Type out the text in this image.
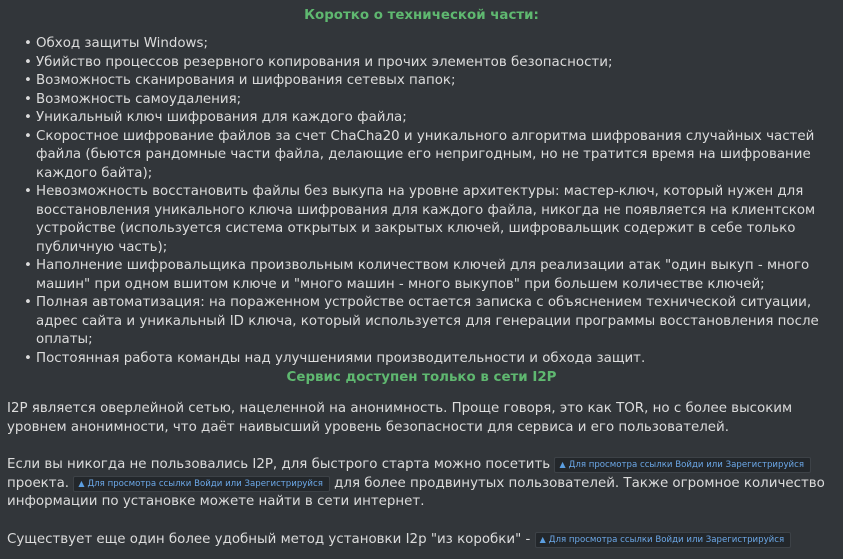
Коротко о технической части:
• Обход защиты Windows;
• Убийство процессов резервного копирования и прочих элементов безопасности;
• Возможность сканирования и шифрования сетевых папок;
• Возможность самоудаления;
• Уникальный ключ шифрования для каждого файла;
• Скоростное шифрование файлов за счет ChaCha20 и уникального алгоритма шифрования случайных частей файла (бьются рандомные части файла, делающие его непригодным, но не тратится время на шифрование каждого байта);
• Невозможность восстановить файлы без выкупа на уровне архитектуры: мастер-ключ, который нужен для восстановления уникального ключа шифрования для каждого файла, никогда не появляется на клиентском устройстве (используется система открытых и закрытых ключей, шифровальщик содержит в себе только публичную часть);
• Наполнение шифровальщика произвольным количеством ключей для реализации атак "один выкуп - много машин" при одном вшитом ключе и "много машин - много выкупов" при большем количестве ключей;
• Полная автоматизация: на пораженном устройстве остается записка с объяснением технической ситуации, адрес сайта и уникальный ID ключа, который используется для генерации программы восстановления после оплаты;
• Постоянная работа команды над улучшениями производительности и обхода защит.
Сервис доступен только в сети I2P

I2P является оверлейной сетью, нацеленной на анонимность. Проще говоря, это как TOR, но с более высоким уровнем анонимности, что даёт наивысший уровень безопасности для сервиса и его пользователей.

Если вы никогда не пользовались I2P, для быстрого старта можно посетить ▲ Для просмотра ссылки Войди или Зарегистрируйся проекта. ▲ Для просмотра ссылки Войди или Зарегистрируйся для более продвинутых пользователей. Также огромное количество информации по установке можете найти в сети интернет.

Существует еще один более удобный метод установки I2p "из коробки" - ▲ Для просмотра ссылки Войди или Зарегистрируйся
